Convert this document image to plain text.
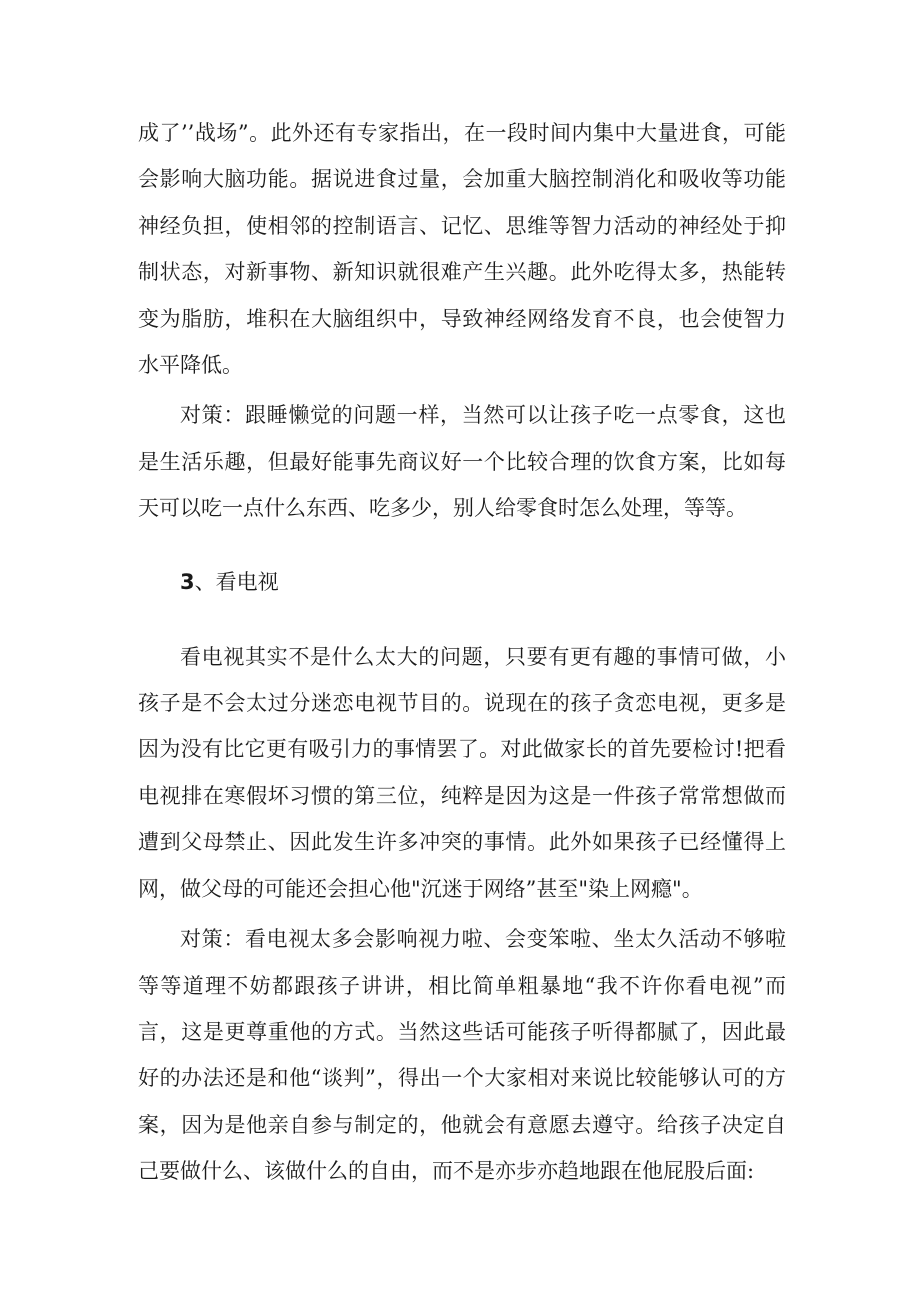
成了’’战场”。此外还有专家指出，在一段时间内集中大量进食，可能会影响大脑功能。据说进食过量，会加重大脑控制消化和吸收等功能神经负担，使相邻的控制语言、记忆、思维等智力活动的神经处于抑制状态，对新事物、新知识就很难产生兴趣。此外吃得太多，热能转变为脂肪，堆积在大脑组织中，导致神经网络发育不良，也会使智力水平降低。

对策：跟睡懒觉的问题一样，当然可以让孩子吃一点零食，这也是生活乐趣，但最好能事先商议好一个比较合理的饮食方案，比如每天可以吃一点什么东西、吃多少，别人给零食时怎么处理，等等。

3、看电视

看电视其实不是什么太大的问题，只要有更有趣的事情可做，小孩子是不会太过分迷恋电视节目的。说现在的孩子贪恋电视，更多是因为没有比它更有吸引力的事情罢了。对此做家长的首先要检讨!把看电视排在寒假坏习惯的第三位，纯粹是因为这是一件孩子常常想做而遭到父母禁止、因此发生许多冲突的事情。此外如果孩子已经懂得上网，做父母的可能还会担心他"沉迷于网络”甚至"染上网瘾"。

对策：看电视太多会影响视力啦、会变笨啦、坐太久活动不够啦等等道理不妨都跟孩子讲讲，相比简单粗暴地“我不许你看电视”而言，这是更尊重他的方式。当然这些话可能孩子听得都腻了，因此最好的办法还是和他“谈判”，得出一个大家相对来说比较能够认可的方案，因为是他亲自参与制定的，他就会有意愿去遵守。给孩子决定自己要做什么、该做什么的自由，而不是亦步亦趋地跟在他屁股后面:
